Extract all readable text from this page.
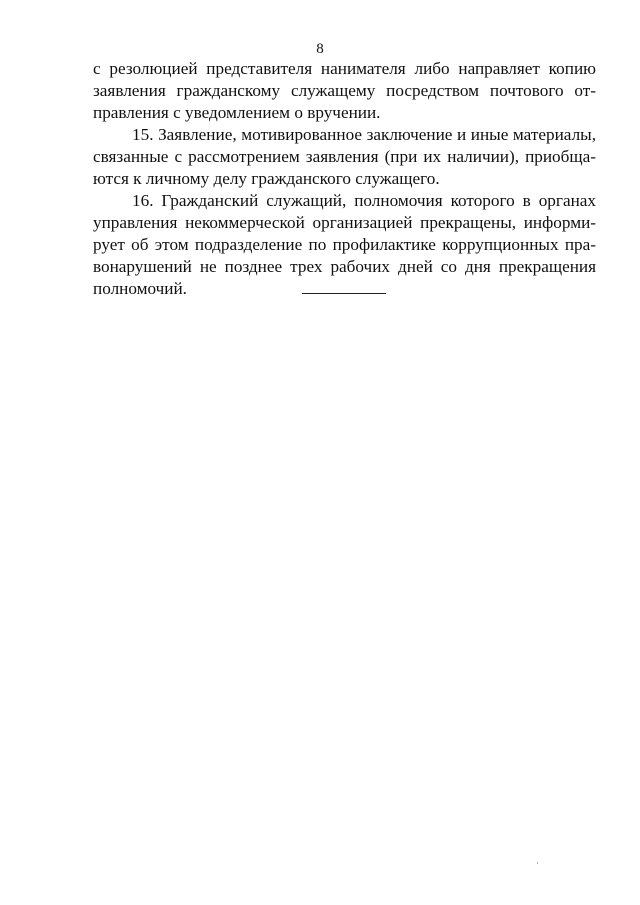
8
с резолюцией представителя нанимателя либо направляет копию
заявления гражданскому служащему посредством почтового от-
правления с уведомлением о вручении.
15. Заявление, мотивированное заключение и иные материалы,
связанные с рассмотрением заявления (при их наличии), приобща-
ются к личному делу гражданского служащего.
16. Гражданский служащий, полномочия которого в органах
управления некоммерческой организацией прекращены, информи-
рует об этом подразделение по профилактике коррупционных пра-
вонарушений не позднее трех рабочих дней со дня прекращения
полномочий.
